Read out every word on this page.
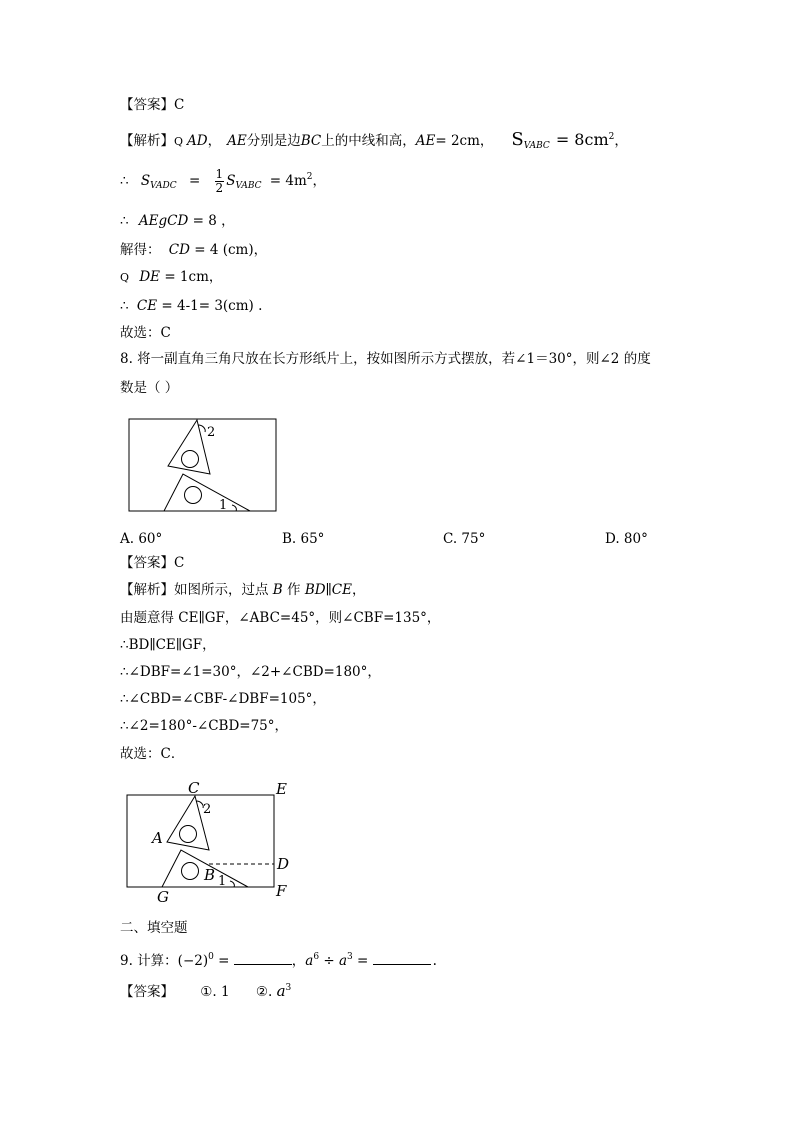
【答案】C
【解析】Q AD， AE分别是边BC上的中线和高，AE= 2cm， $S_{VABC} = 8cm^2$，
∴ $S_{VADC} = \frac{1}{2} S_{VABC} = 4m^2$，
∴ AEgCD = 8 ，
解得： CD = 4 (cm)，
Q DE = 1cm，
∴ CE = 4-1= 3(cm) .
故选：C
8. 将一副直角三角尺放在长方形纸片上，按如图所示方式摆放，若∠1＝30°，则∠2 的度
数是（ ）
2
1
A. 60°	B. 65°	C. 75°	D. 80°
【答案】C
【解析】如图所示，过点 B 作 BD∥CE，
由题意得 CE∥GF，∠ABC=45°，则∠CBF=135°，
∴BD∥CE∥GF，
∴∠DBF=∠1=30°，∠2+∠CBD=180°，
∴∠CBD=∠CBF-∠DBF=105°，
∴∠2=180°-∠CBD=75°，
故选：C．
C	E
2
A
D
B 1
F
G
二、填空题
9. 计算：$(-2)^0$ =	，$a^6 \div a^3$ =	.
【答案】 ①. 1 ②. $a^3$
